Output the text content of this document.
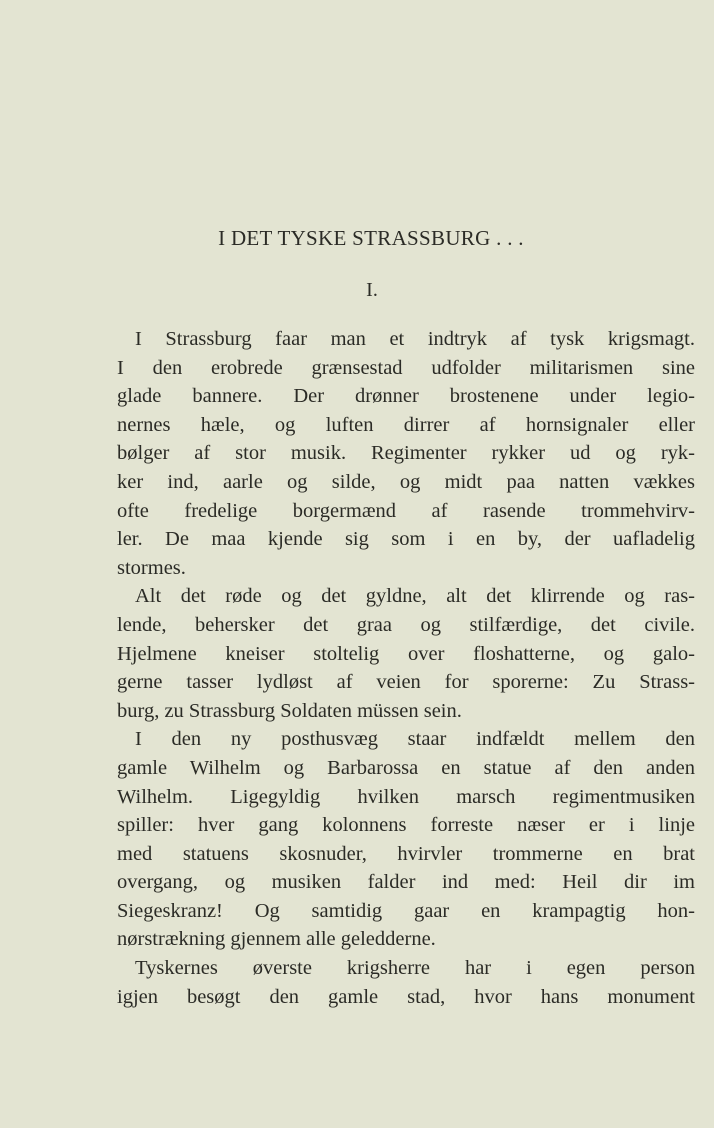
I DET TYSKE STRASSBURG . . .
I.
I Strassburg faar man et indtryk af tysk krigsmagt.
I den erobrede grænsestad udfolder militarismen sine
glade bannere. Der drønner brostenene under legio-
nernes hæle, og luften dirrer af hornsignaler eller
bølger af stor musik. Regimenter rykker ud og ryk-
ker ind, aarle og silde, og midt paa natten vækkes
ofte fredelige borgermænd af rasende trommehvirv-
ler. De maa kjende sig som i en by, der uafladelig
stormes.
Alt det røde og det gyldne, alt det klirrende og ras-
lende, behersker det graa og stilfærdige, det civile.
Hjelmene kneiser stoltelig over floshatterne, og galo-
gerne tasser lydløst af veien for sporerne: Zu Strass-
burg, zu Strassburg Soldaten müssen sein.
I den ny posthusvæg staar indfældt mellem den
gamle Wilhelm og Barbarossa en statue af den anden
Wilhelm. Ligegyldig hvilken marsch regimentmusiken
spiller: hver gang kolonnens forreste næser er i linje
med statuens skosnuder, hvirvler trommerne en brat
overgang, og musiken falder ind med: Heil dir im
Siegeskranz! Og samtidig gaar en krampagtig hon-
nørstrækning gjennem alle geledderne.
Tyskernes øverste krigsherre har i egen person
igjen besøgt den gamle stad, hvor hans monument
